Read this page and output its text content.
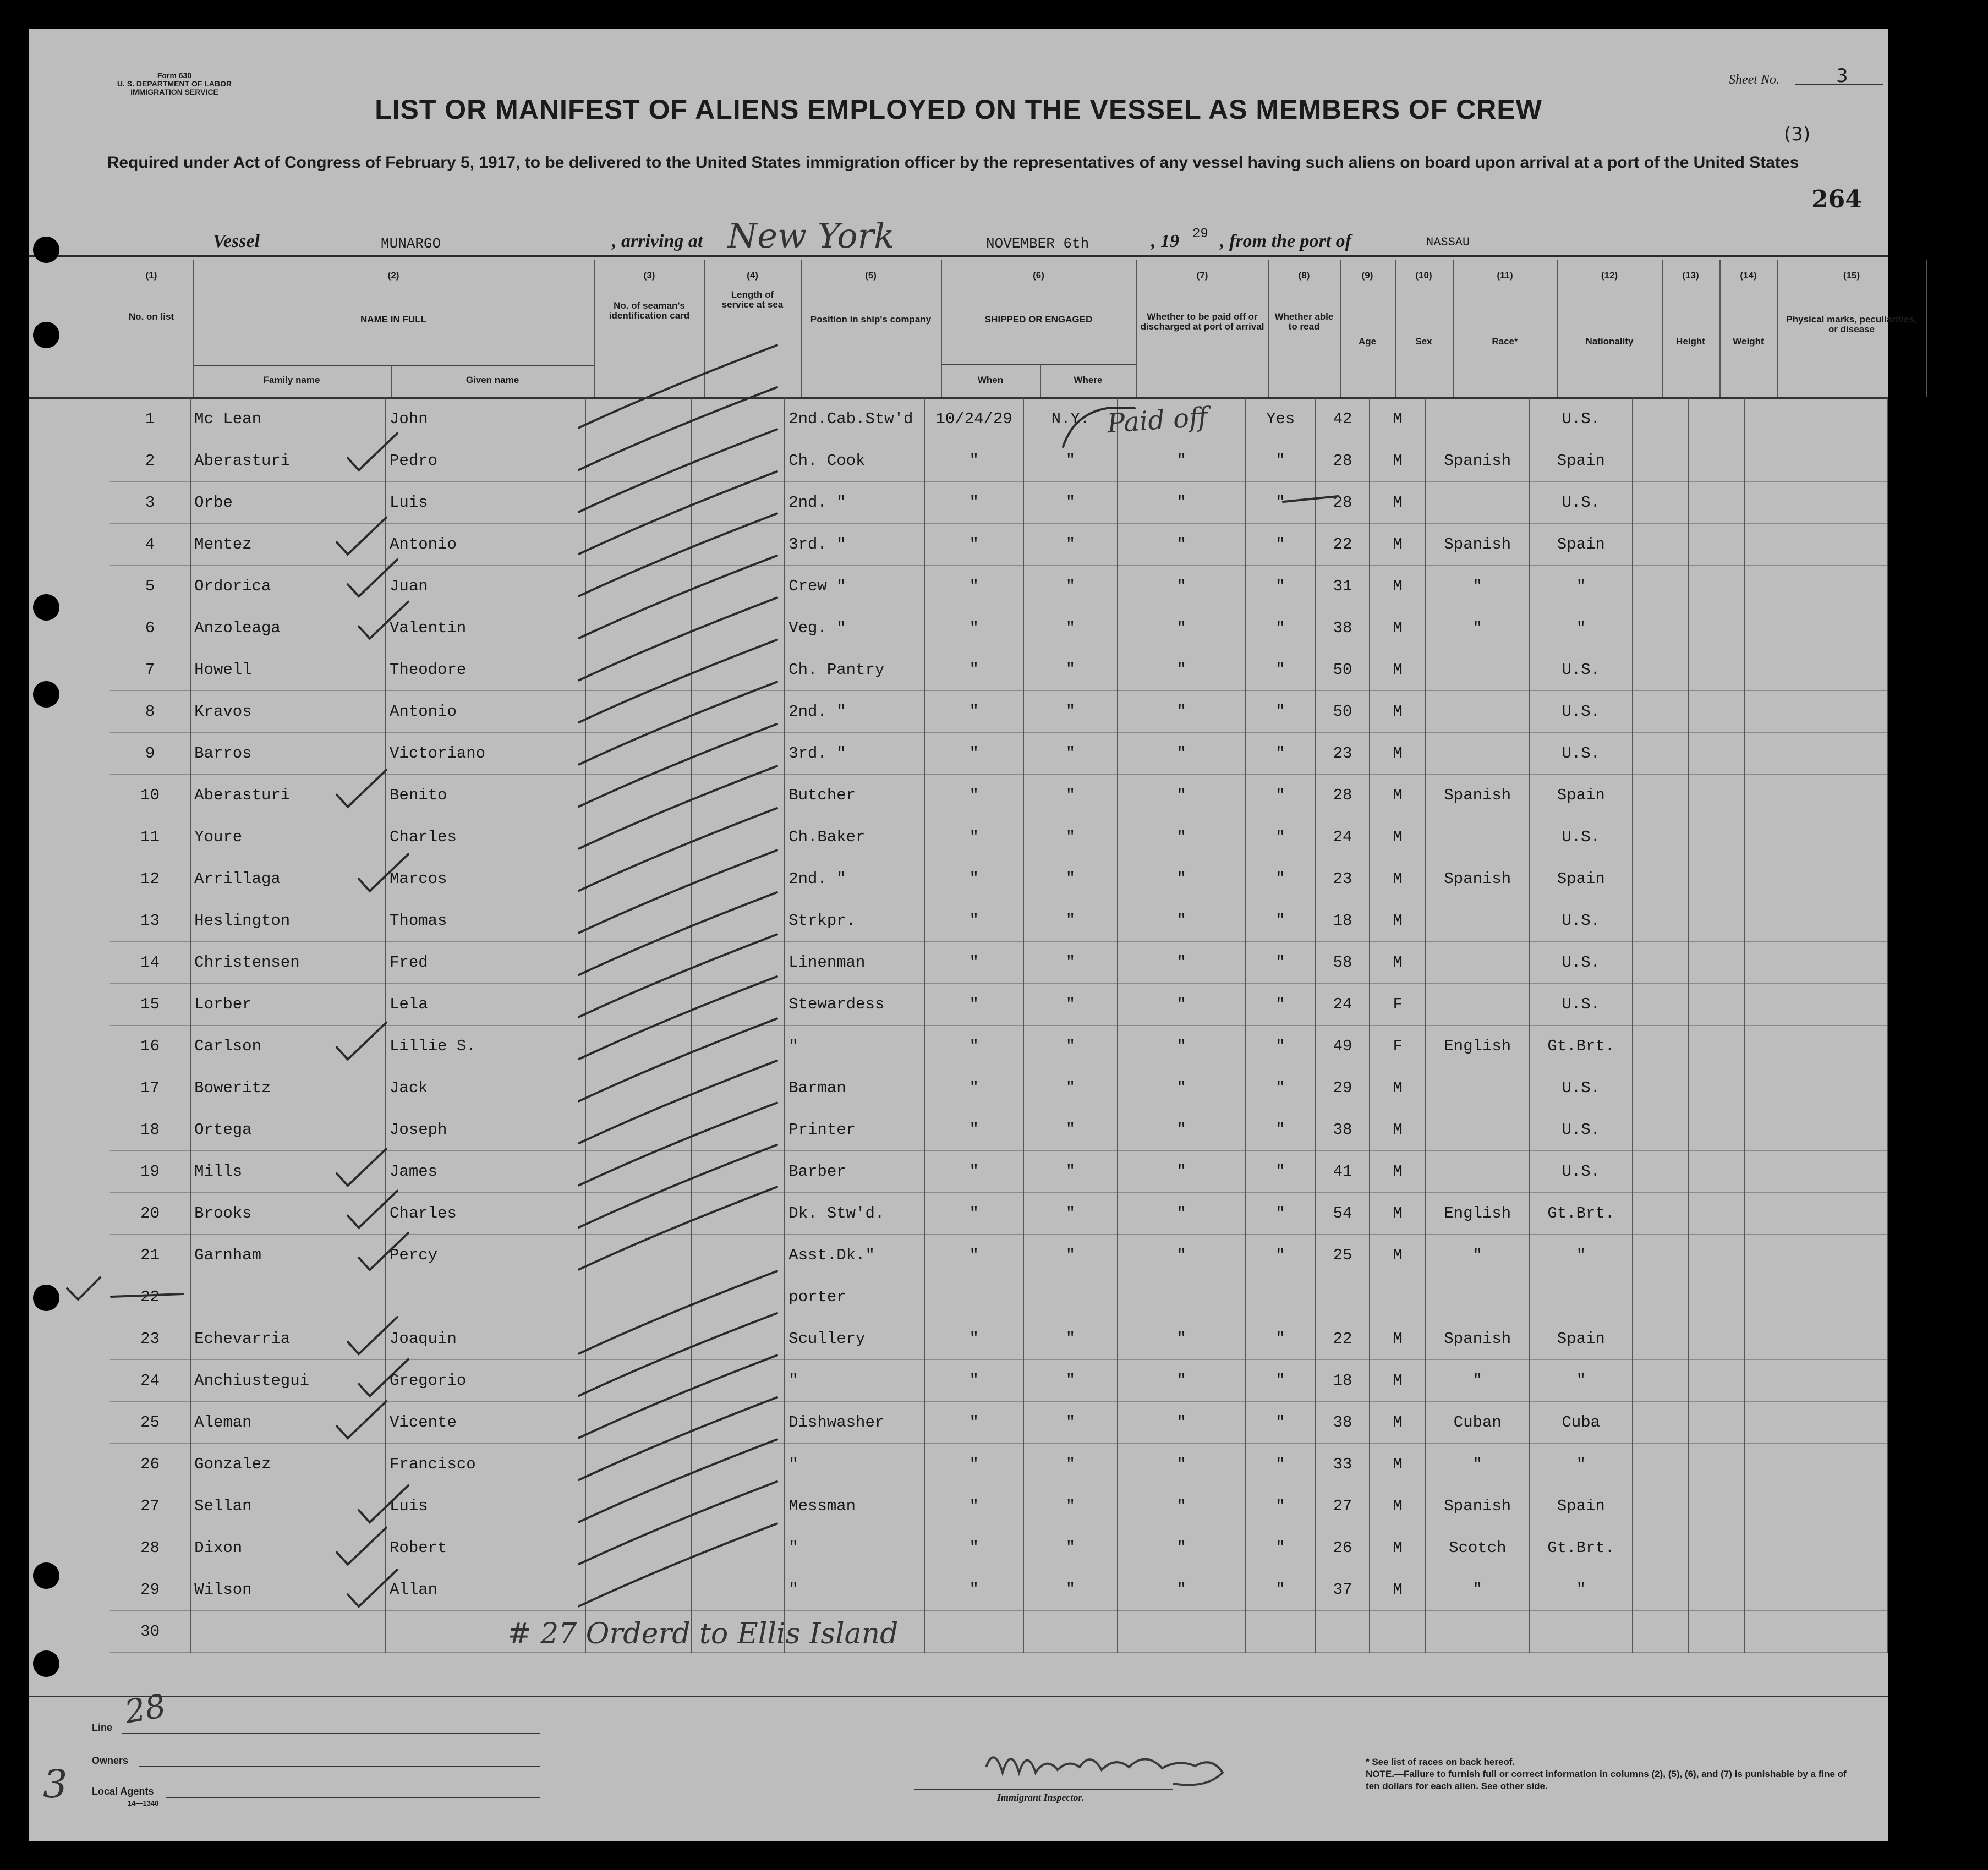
Form 630
U. S. DEPARTMENT OF LABOR
IMMIGRATION SERVICE
Sheet No.	3
LIST OR MANIFEST OF ALIENS EMPLOYED ON THE VESSEL AS MEMBERS OF CREW
(3)
Required under Act of Congress of February 5, 1917, to be delivered to the United States immigration officer by the representatives of any vessel having such aliens on board upon arrival at a port of the United States
264
Vessel	MUNARGO	, arriving at New York	NOVEMBER 6th	, 19 29 , from the port of	NASSAU
(1)
No. on list
(2)
NAME IN FULL
Family name	Given name
(3)
No. of seaman's identification card
(4)
Length of service at sea
(5)
Position in ship's company
(6)
SHIPPED OR ENGAGED
When	Where
(7)
Whether to be paid off or discharged at port of arrival
(8)
Whether able to read
(9)
Age
(10)
Sex
(11)
Race*
(12)
Nationality
(13)
Height
(14)
Weight
(15)
Physical marks, peculiarities, or disease
1	Mc Lean	John			2nd.Cab.Stw'd	10/24/29	N.Y.		Yes	42	M		U.S.			
2	Aberasturi	Pedro			Ch. Cook	"	"	"	"	28	M	Spanish	Spain			
3	Orbe	Luis			2nd. "	"	"	"	"	28	M		U.S.			
4	Mentez	Antonio			3rd. "	"	"	"	"	22	M	Spanish	Spain			
5	Ordorica	Juan			Crew "	"	"	"	"	31	M	"	"			
6	Anzoleaga	Valentin			Veg. "	"	"	"	"	38	M	"	"			
7	Howell	Theodore			Ch. Pantry	"	"	"	"	50	M		U.S.			
8	Kravos	Antonio			2nd. "	"	"	"	"	50	M		U.S.			
9	Barros	Victoriano			3rd. "	"	"	"	"	23	M		U.S.			
10	Aberasturi	Benito			Butcher	"	"	"	"	28	M	Spanish	Spain			
11	Youre	Charles			Ch.Baker	"	"	"	"	24	M		U.S.			
12	Arrillaga	Marcos			2nd. "	"	"	"	"	23	M	Spanish	Spain			
13	Heslington	Thomas			Strkpr.	"	"	"	"	18	M		U.S.			
14	Christensen	Fred			Linenman	"	"	"	"	58	M		U.S.			
15	Lorber	Lela			Stewardess	"	"	"	"	24	F		U.S.			
16	Carlson	Lillie S.			"	"	"	"	"	49	F	English	Gt.Brt.			
17	Boweritz	Jack			Barman	"	"	"	"	29	M		U.S.			
18	Ortega	Joseph			Printer	"	"	"	"	38	M		U.S.			
19	Mills	James			Barber	"	"	"	"	41	M		U.S.			
20	Brooks	Charles			Dk. Stw'd.	"	"	"	"	54	M	English	Gt.Brt.			
21	Garnham	Percy			Asst.Dk."	"	"	"	"	25	M	"	"			
22					porter											
23	Echevarria	Joaquin			Scullery	"	"	"	"	22	M	Spanish	Spain			
24	Anchiustegui	Gregorio			"	"	"	"	"	18	M	"	"			
25	Aleman	Vicente			Dishwasher	"	"	"	"	38	M	Cuban	Cuba			
26	Gonzalez	Francisco			"	"	"	"	"	33	M	"	"			
27	Sellan	Luis			Messman	"	"	"	"	27	M	Spanish	Spain			
28	Dixon	Robert			"	"	"	"	"	26	M	Scotch	Gt.Brt.			
29	Wilson	Allan			"	"	"	"	"	37	M	"	"			
30																
Paid off
# 27 Orderd to Ellis Island
28
3
Line
Owners
Local Agents
14—1340
Immigrant Inspector.
* See list of races on back hereof.
NOTE.—Failure to furnish full or correct information in columns (2), (5), (6), and (7) is punishable by a fine of ten dollars for each alien. See other side.
